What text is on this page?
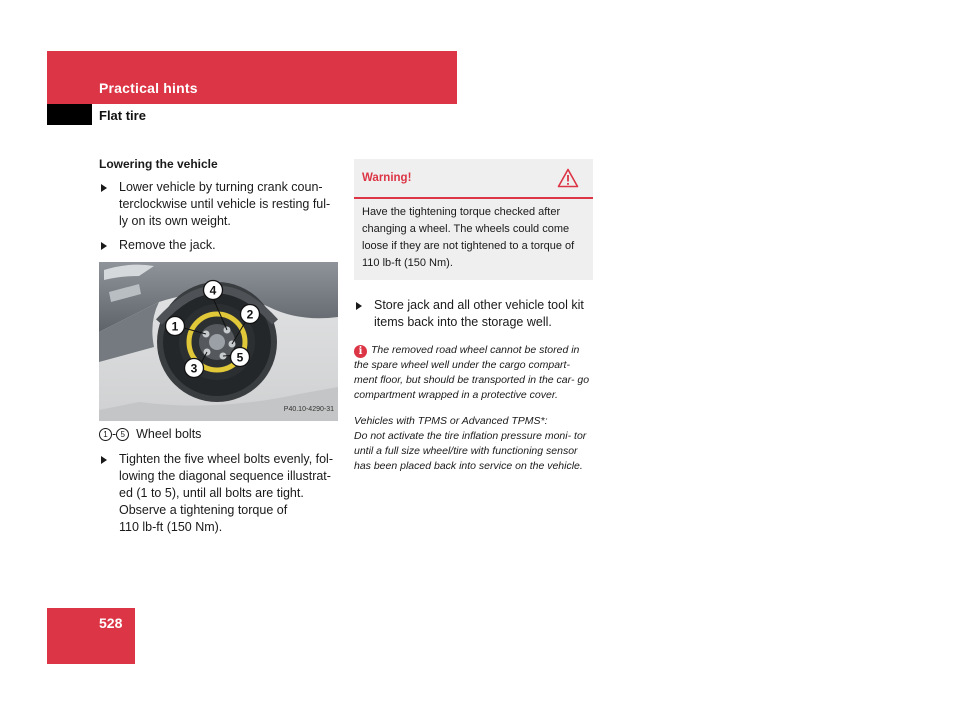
Practical hints
Flat tire
Lowering the vehicle
Lower vehicle by turning crank coun- terclockwise until vehicle is resting ful- ly on its own weight.
Remove the jack.
1
2
3
4
5
P40.10-4290-31
1 - 5 Wheel bolts
Tighten the five wheel bolts evenly, fol- lowing the diagonal sequence illustrat- ed (1 to 5), until all bolts are tight.
Observe a tightening torque of
110 lb-ft (150 Nm).
Warning!
Have the tightening torque checked after changing a wheel. The wheels could come loose if they are not tightened to a torque of 110 lb-ft (150 Nm).
Store jack and all other vehicle tool kit items back into the storage well.
i The removed road wheel cannot be stored in the spare wheel well under the cargo compart- ment floor, but should be transported in the car- go compartment wrapped in a protective cover.
Vehicles with TPMS or Advanced TPMS*:
Do not activate the tire inflation pressure moni- tor until a full size wheel/tire with functioning sensor has been placed back into service on the vehicle.
528
